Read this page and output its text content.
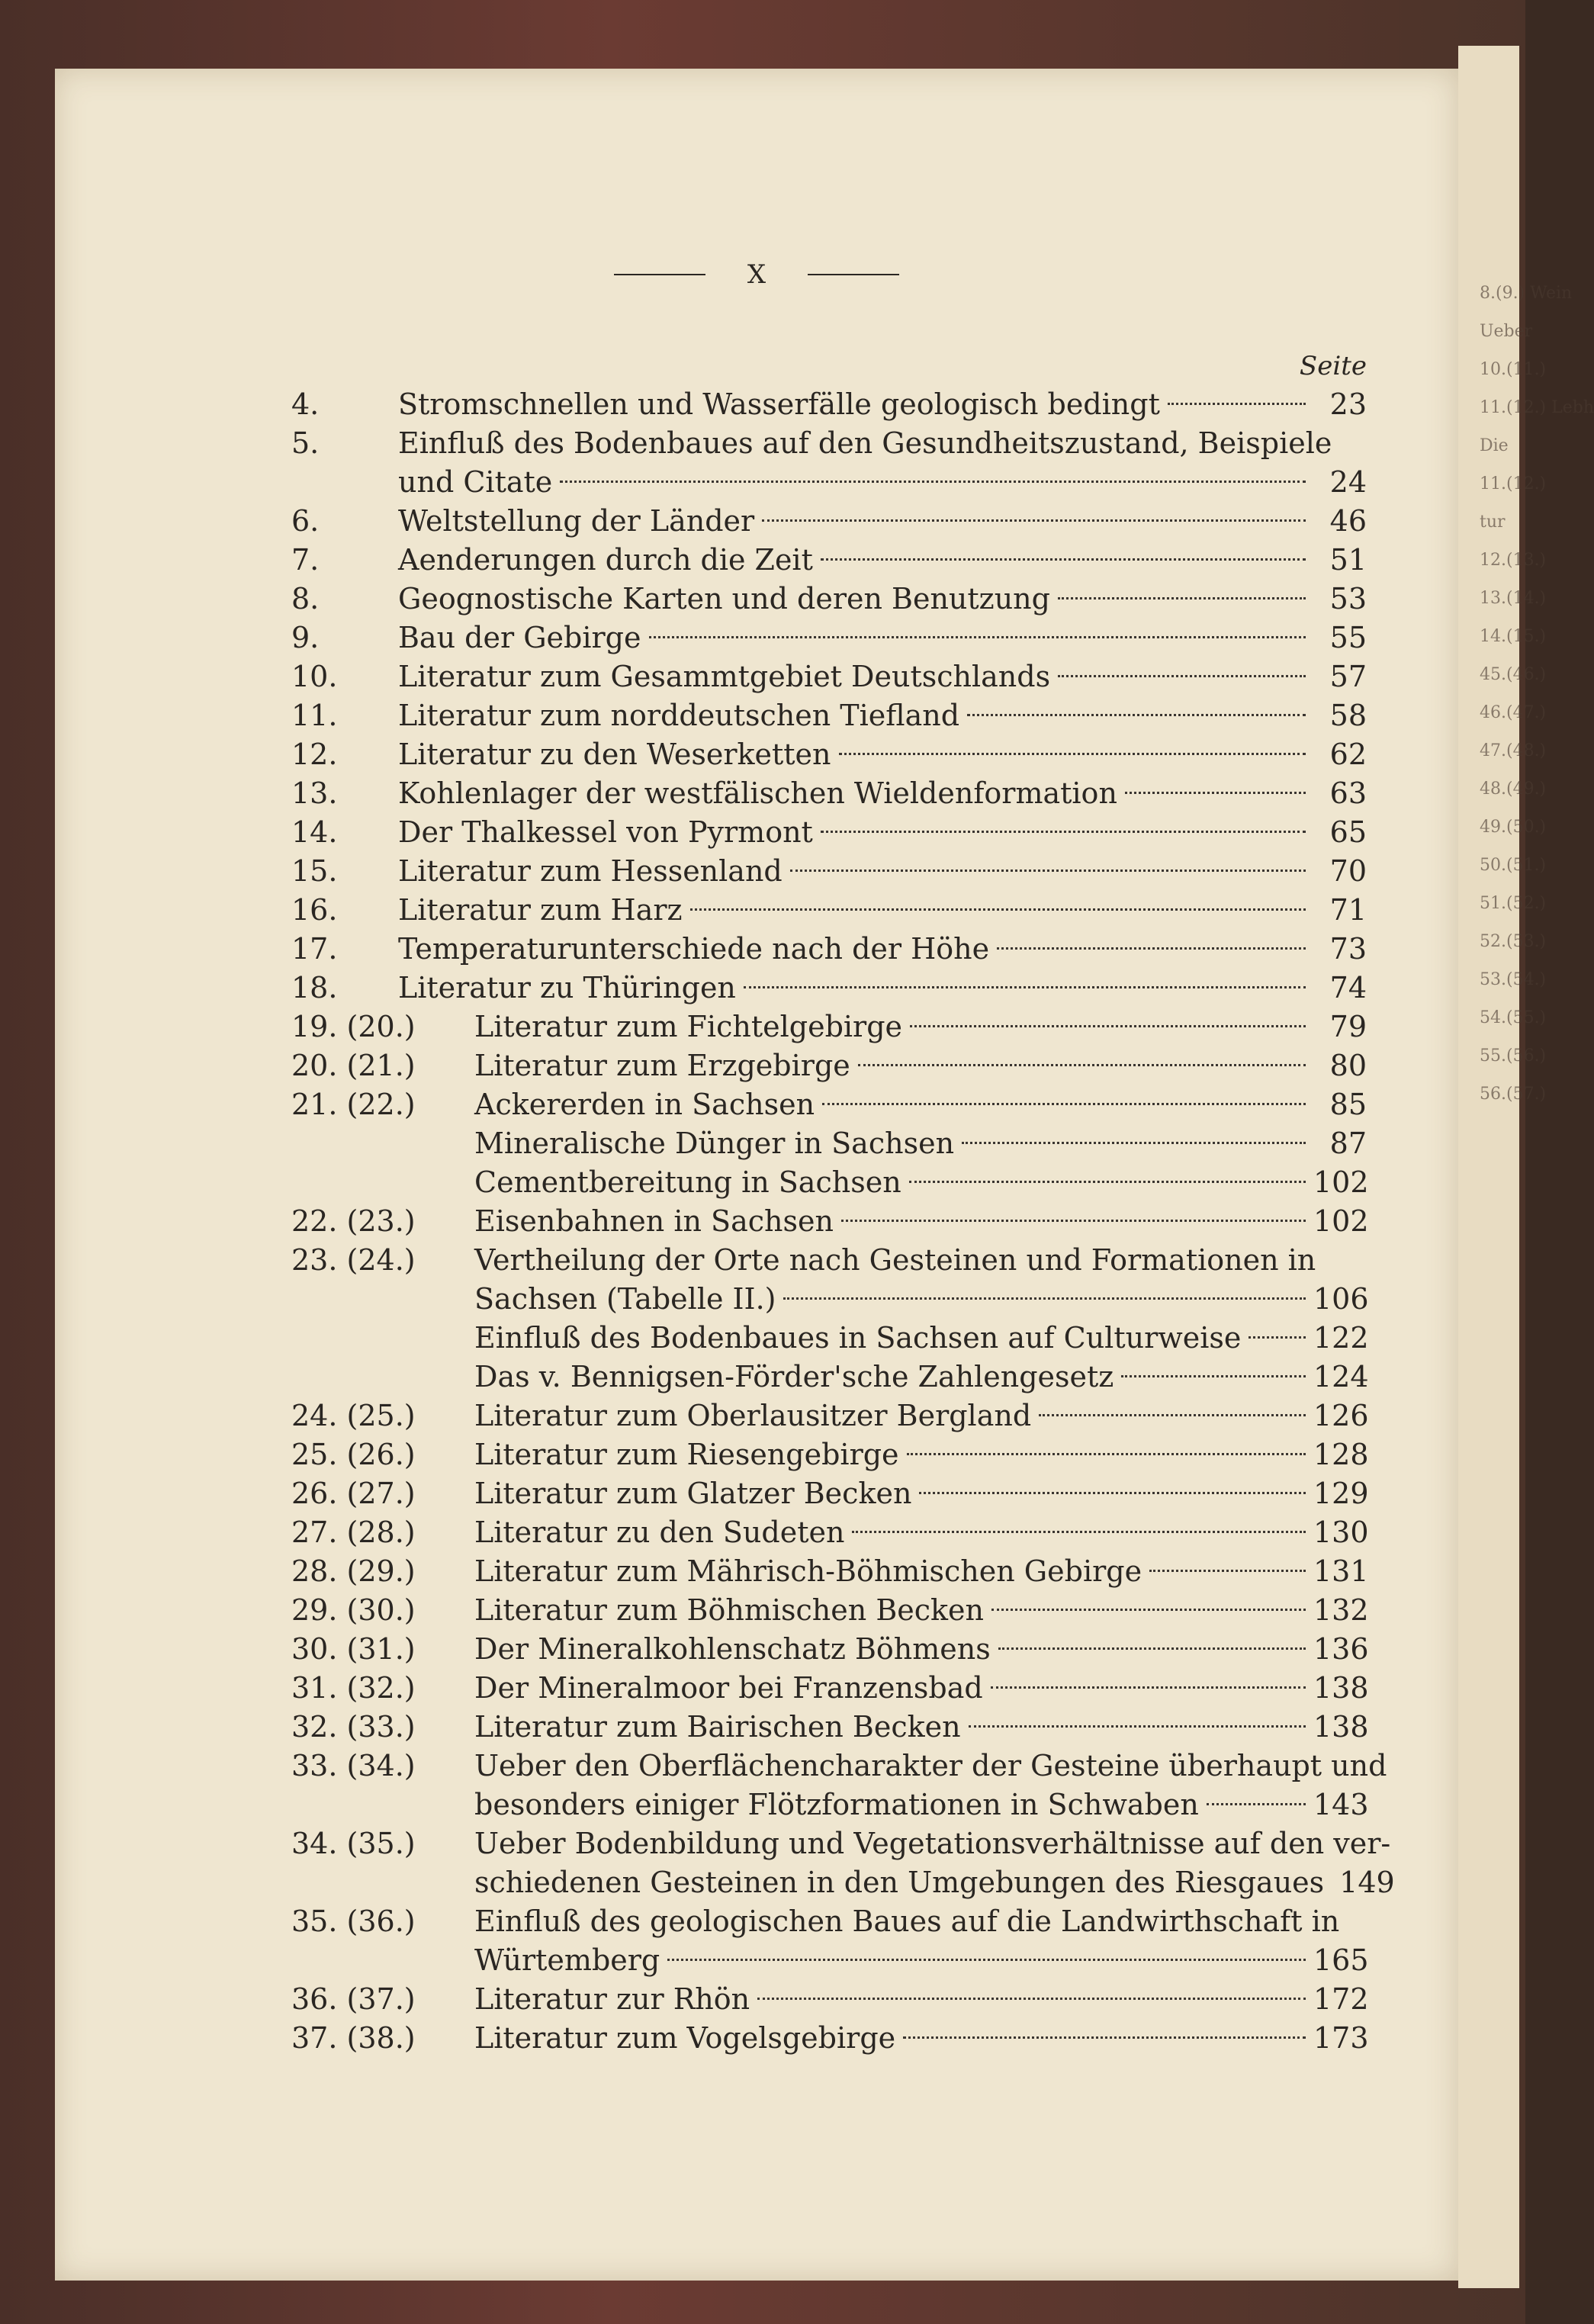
8.(9.) Wein
Ueber
10.(11.)
11.(12.) Lebh
Die
11.(12.)
tur
12.(13.)
13.(14.)
14.(15.)
45.(46.)
46.(47.)
47.(48.)
48.(49.)
49.(50.)
50.(51.)
51.(52.)
52.(53.)
53.(54.)
54.(55.)
55.(56.)
56.(57.)
X
Seite
4.	Stromschnellen und Wasserfälle geologisch bedingt	23
5.	Einfluß des Bodenbaues auf den Gesundheitszustand, Beispiele
und Citate	24
6.	Weltstellung der Länder	46
7.	Aenderungen durch die Zeit	51
8.	Geognostische Karten und deren Benutzung	53
9.	Bau der Gebirge	55
10.	Literatur zum Gesammtgebiet Deutschlands	57
11.	Literatur zum norddeutschen Tiefland	58
12.	Literatur zu den Weserketten	62
13.	Kohlenlager der westfälischen Wieldenformation	63
14.	Der Thalkessel von Pyrmont	65
15.	Literatur zum Hessenland	70
16.	Literatur zum Harz	71
17.	Temperaturunterschiede nach der Höhe	73
18.	Literatur zu Thüringen	74
19. (20.) Literatur zum Fichtelgebirge	79
20. (21.) Literatur zum Erzgebirge	80
21. (22.) Ackererden in Sachsen	85
Mineralische Dünger in Sachsen	87
Cementbereitung in Sachsen	102
22. (23.) Eisenbahnen in Sachsen	102
23. (24.) Vertheilung der Orte nach Gesteinen und Formationen in
Sachsen (Tabelle II.)	106
Einfluß des Bodenbaues in Sachsen auf Culturweise 122
Das v. Bennigsen-Förder'sche Zahlengesetz	124
24. (25.) Literatur zum Oberlausitzer Bergland	126
25. (26.) Literatur zum Riesengebirge	128
26. (27.) Literatur zum Glatzer Becken	129
27. (28.) Literatur zu den Sudeten	130
28. (29.) Literatur zum Mährisch-Böhmischen Gebirge	131
29. (30.) Literatur zum Böhmischen Becken	132
30. (31.) Der Mineralkohlenschatz Böhmens	136
31. (32.) Der Mineralmoor bei Franzensbad	138
32. (33.) Literatur zum Bairischen Becken	138
33. (34.) Ueber den Oberflächencharakter der Gesteine überhaupt und
besonders einiger Flötzformationen in Schwaben	143
34. (35.) Ueber Bodenbildung und Vegetationsverhältnisse auf den ver-
schiedenen Gesteinen in den Umgebungen des Riesgaues 149
35. (36.) Einfluß des geologischen Baues auf die Landwirthschaft in
Würtemberg	165
36. (37.) Literatur zur Rhön	172
37. (38.) Literatur zum Vogelsgebirge	173
